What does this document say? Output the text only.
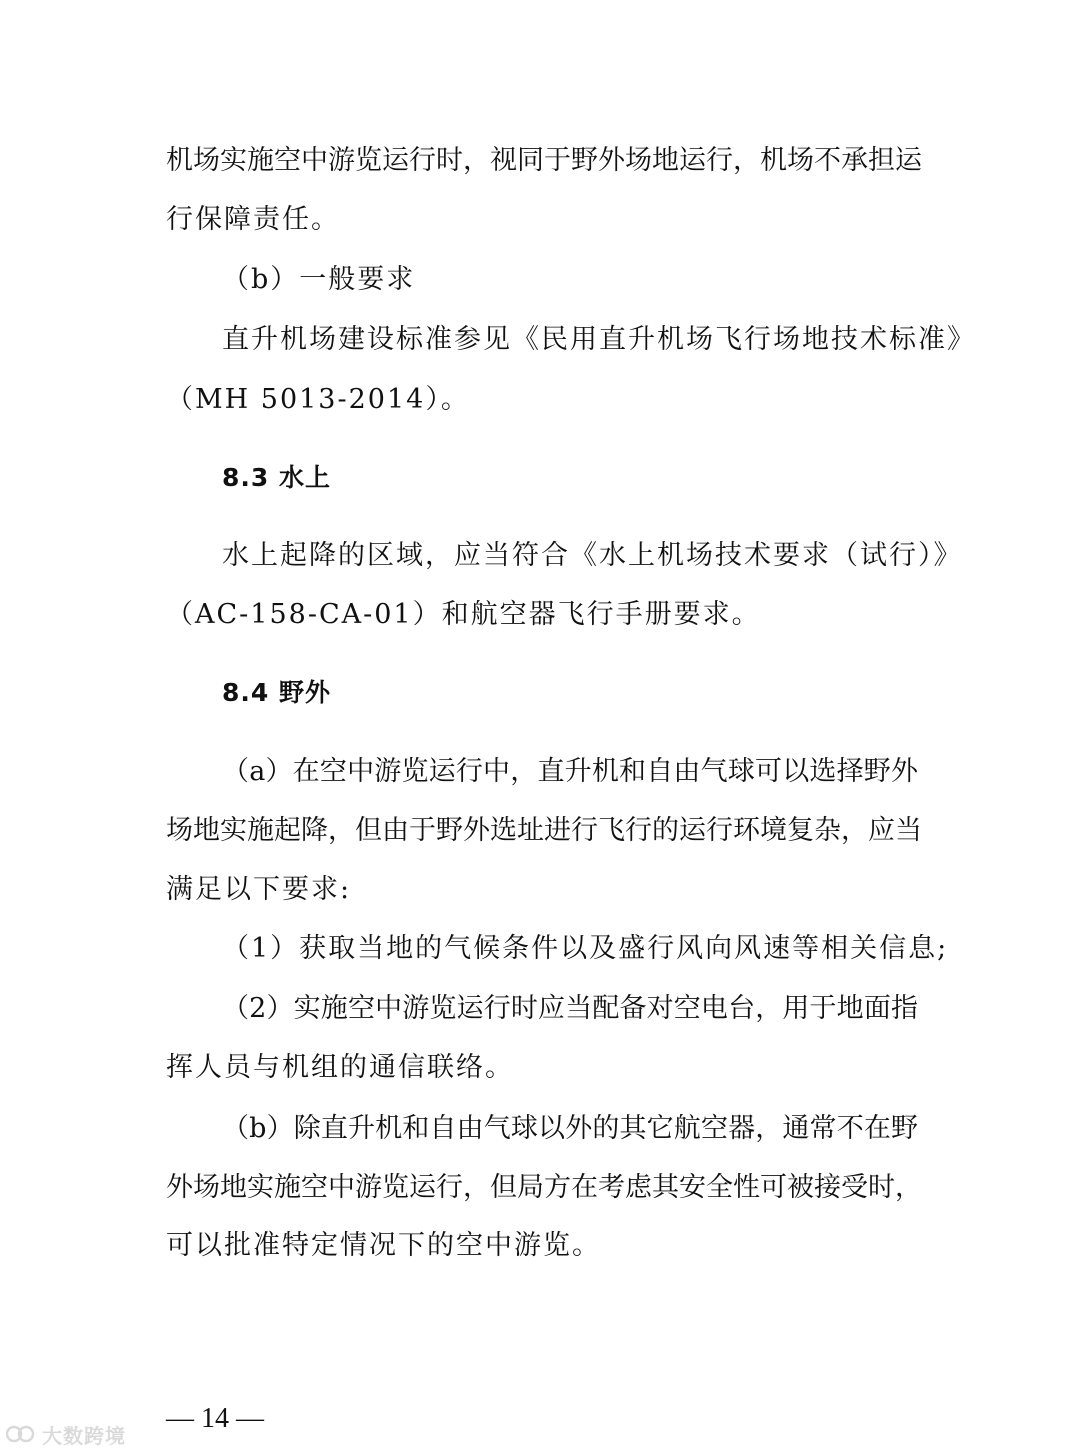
机场实施空中游览运行时，视同于野外场地运行，机场不承担运
行保障责任。
（b）一般要求
直升机场建设标准参见《民用直升机场飞行场地技术标准》
（MH 5013-2014）。
8.3 水上
水上起降的区域，应当符合《水上机场技术要求（试行）》
（AC-158-CA-01）和航空器飞行手册要求。
8.4 野外
（a）在空中游览运行中，直升机和自由气球可以选择野外
场地实施起降，但由于野外选址进行飞行的运行环境复杂，应当
满足以下要求:
（1）获取当地的气候条件以及盛行风向风速等相关信息;
（2）实施空中游览运行时应当配备对空电台，用于地面指
挥人员与机组的通信联络。
（b）除直升机和自由气球以外的其它航空器，通常不在野
外场地实施空中游览运行，但局方在考虑其安全性可被接受时，
可以批准特定情况下的空中游览。
— 14 —
大数跨境
